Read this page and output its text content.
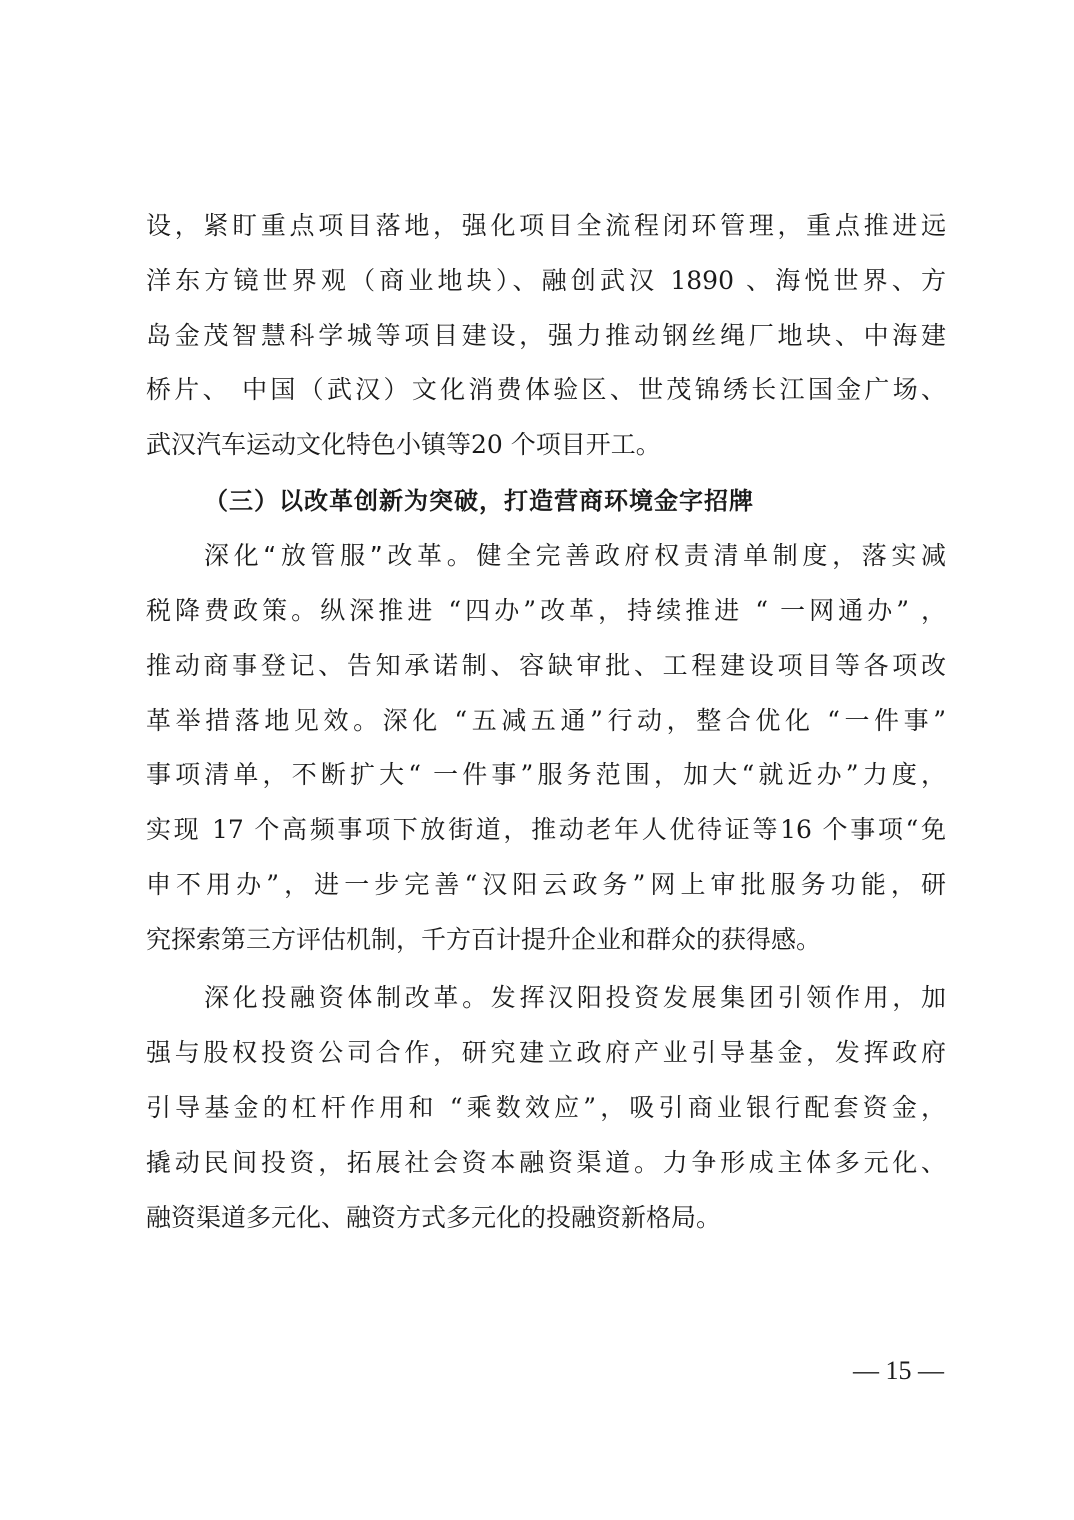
设，紧盯重点项目落地，强化项目全流程闭环管理，重点推进远
洋东方镜世界观（商业地块）、融创武汉 1890 、海悦世界、方
岛金茂智慧科学城等项目建设，强力推动钢丝绳厂地块、中海建
桥片、 中国（武汉）文化消费体验区、世茂锦绣长江国金广场、
武汉汽车运动文化特色小镇等20 个项目开工。
（三）以改革创新为突破，打造营商环境金字招牌
深化“放管服”改革。健全完善政府权责清单制度，落实减
税降费政策。纵深推进 “四办”改革，持续推进 “ 一网通办” ，
推动商事登记、告知承诺制、容缺审批、工程建设项目等各项改
革举措落地见效。深化 “五减五通”行动，整合优化 “一件事”
事项清单，不断扩大“ 一件事”服务范围，加大“就近办”力度，
实现 17 个高频事项下放街道，推动老年人优待证等16 个事项“免
申不用办”，进一步完善“汉阳云政务”网上审批服务功能，研
究探索第三方评估机制，千方百计提升企业和群众的获得感。
深化投融资体制改革。发挥汉阳投资发展集团引领作用，加
强与股权投资公司合作，研究建立政府产业引导基金，发挥政府
引导基金的杠杆作用和 “乘数效应”，吸引商业银行配套资金，
撬动民间投资，拓展社会资本融资渠道。力争形成主体多元化、
融资渠道多元化、融资方式多元化的投融资新格局。
— 15 —
